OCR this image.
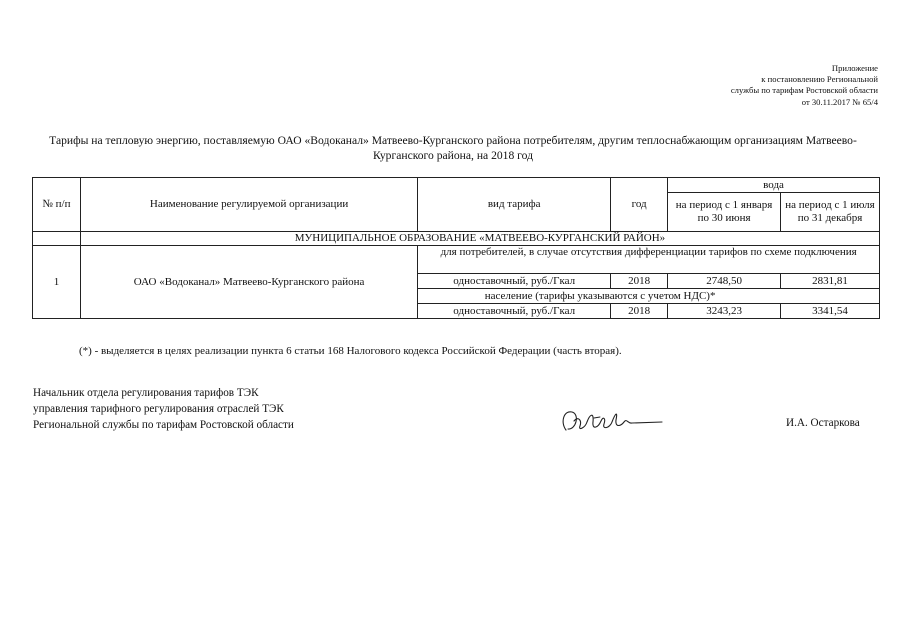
Приложение
к постановлению Региональной
службы по тарифам Ростовской области
от 30.11.2017 № 65/4
Тарифы на тепловую энергию, поставляемую ОАО «Водоканал» Матвеево-Курганского района потребителям, другим теплоснабжающим организациям Матвеево-Курганского района, на 2018 год
№ п/п	Наименование регулируемой организации	вид тарифа	год	вода	
				на период с 1 января по 30 июня	на период с 1 июля по 31 декабря
	МУНИЦИПАЛЬНОЕ ОБРАЗОВАНИЕ «МАТВЕЕВО-КУРГАНСКИЙ РАЙОН»				
1	ОАО «Водоканал» Матвеево-Курганского района	для потребителей, в случае отсутствия дифференциации тарифов по схеме подключения			
		одноставочный, руб./Гкал	2018	2748,50	2831,81
		население (тарифы указываются с учетом НДС)*			
		одноставочный, руб./Гкал	2018	3243,23	3341,54
(*) - выделяется в целях реализации пункта 6 статьи 168 Налогового кодекса Российской Федерации (часть вторая).
Начальник отдела регулирования тарифов ТЭК
управления тарифного регулирования отраслей ТЭК
Региональной службы по тарифам Ростовской области	И.А. Остаркова
